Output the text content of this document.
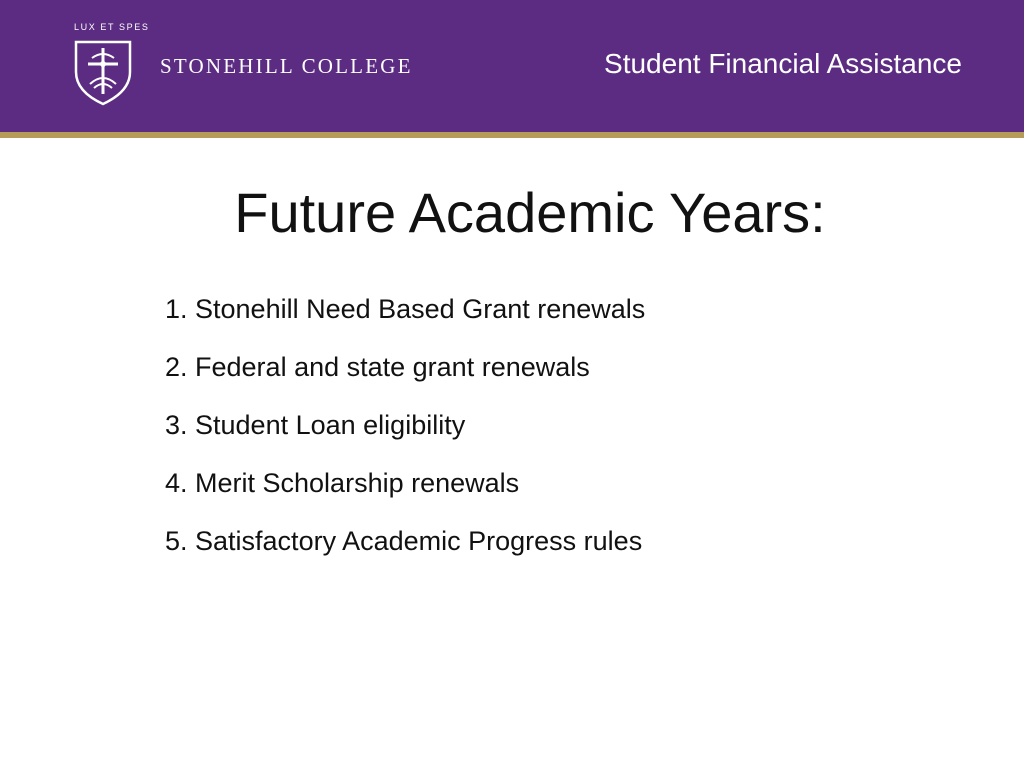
LUX ET SPES
STONEHILL COLLEGE	Student Financial Assistance
Future Academic Years:
1. Stonehill Need Based Grant renewals
2. Federal and state grant renewals
3. Student Loan eligibility
4. Merit Scholarship renewals
5. Satisfactory Academic Progress rules
